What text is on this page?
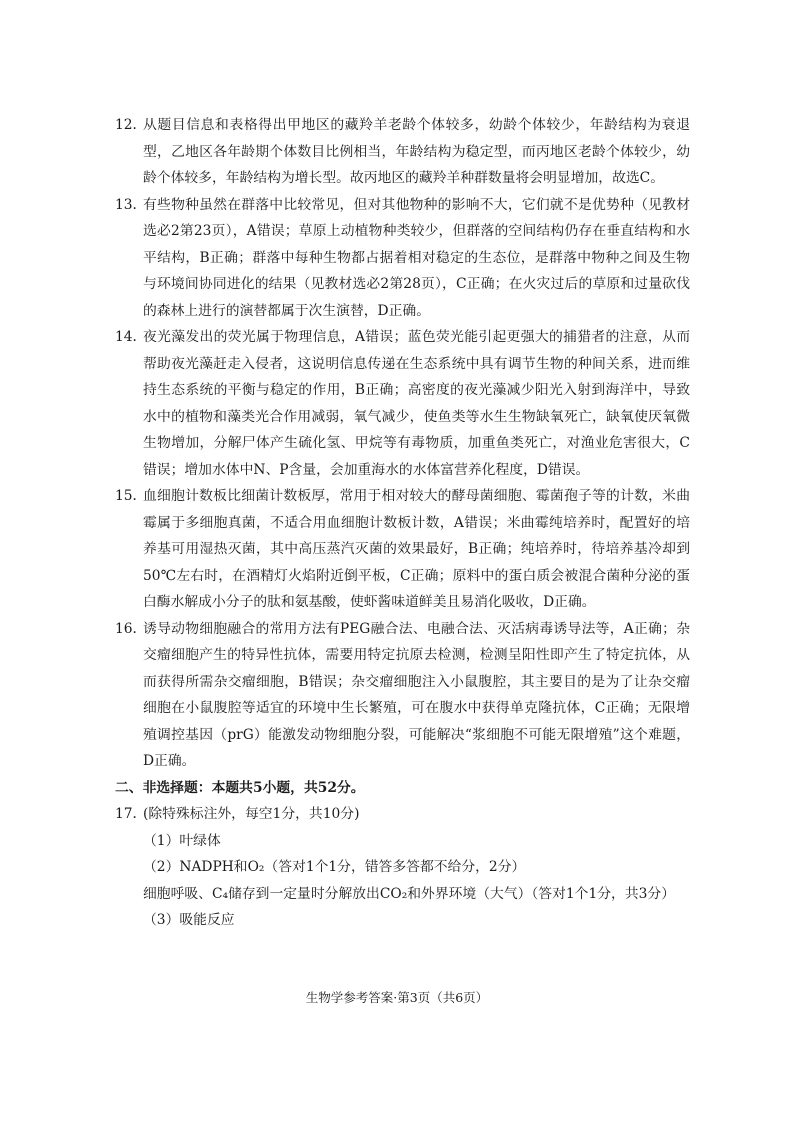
12．

从题目信息和表格得出甲地区的藏羚羊老龄个体较多，幼龄个体较少，年龄结构为衰退型，乙地区各年龄期个体数目比例相当，年龄结构为稳定型，而丙地区老龄个体较少，幼龄个体较多，年龄结构为增长型。故丙地区的藏羚羊种群数量将会明显增加，故选C。

13．

有些物种虽然在群落中比较常见，但对其他物种的影响不大，它们就不是优势种（见教材选必2第23页），A错误；草原上动植物种类较少，但群落的空间结构仍存在垂直结构和水平结构，B正确；群落中每种生物都占据着相对稳定的生态位，是群落中物种之间及生物与环境间协同进化的结果（见教材选必2第28页），C正确；在火灾过后的草原和过量砍伐的森林上进行的演替都属于次生演替，D正确。

14．

夜光藻发出的荧光属于物理信息，A错误；蓝色荧光能引起更强大的捕猎者的注意，从而帮助夜光藻赶走入侵者，这说明信息传递在生态系统中具有调节生物的种间关系，进而维持生态系统的平衡与稳定的作用，B正确；高密度的夜光藻减少阳光入射到海洋中，导致水中的植物和藻类光合作用减弱，氧气减少，使鱼类等水生生物缺氧死亡，缺氧使厌氧微生物增加，分解尸体产生硫化氢、甲烷等有毒物质，加重鱼类死亡，对渔业危害很大，C错误；增加水体中N、P含量，会加重海水的水体富营养化程度，D错误。

15．

血细胞计数板比细菌计数板厚，常用于相对较大的酵母菌细胞、霉菌孢子等的计数，米曲霉属于多细胞真菌，不适合用血细胞计数板计数，A错误；米曲霉纯培养时，配置好的培养基可用湿热灭菌，其中高压蒸汽灭菌的效果最好，B正确；纯培养时，待培养基冷却到50℃左右时，在酒精灯火焰附近倒平板，C正确；原料中的蛋白质会被混合菌种分泌的蛋白酶水解成小分子的肽和氨基酸，使虾酱味道鲜美且易消化吸收，D正确。

16．

诱导动物细胞融合的常用方法有PEG融合法、电融合法、灭活病毒诱导法等，A正确；杂交瘤细胞产生的特异性抗体，需要用特定抗原去检测，检测呈阳性即产生了特定抗体，从而获得所需杂交瘤细胞，B错误；杂交瘤细胞注入小鼠腹腔，其主要目的是为了让杂交瘤细胞在小鼠腹腔等适宜的环境中生长繁殖，可在腹水中获得单克隆抗体，C正确；无限增殖调控基因（prG）能激发动物细胞分裂，可能解决“浆细胞不可能无限增殖”这个难题，D正确。

二、非选择题：本题共5小题，共52分。

17．

(除特殊标注外，每空1分，共10分)

（1）叶绿体

（2）NADPH和O₂（答对1个1分，错答多答都不给分，2分）

细胞呼吸、C₄储存到一定量时分解放出CO₂和外界环境（大气）（答对1个1分，共3分）

（3）吸能反应

生物学参考答案·第3页（共6页）
